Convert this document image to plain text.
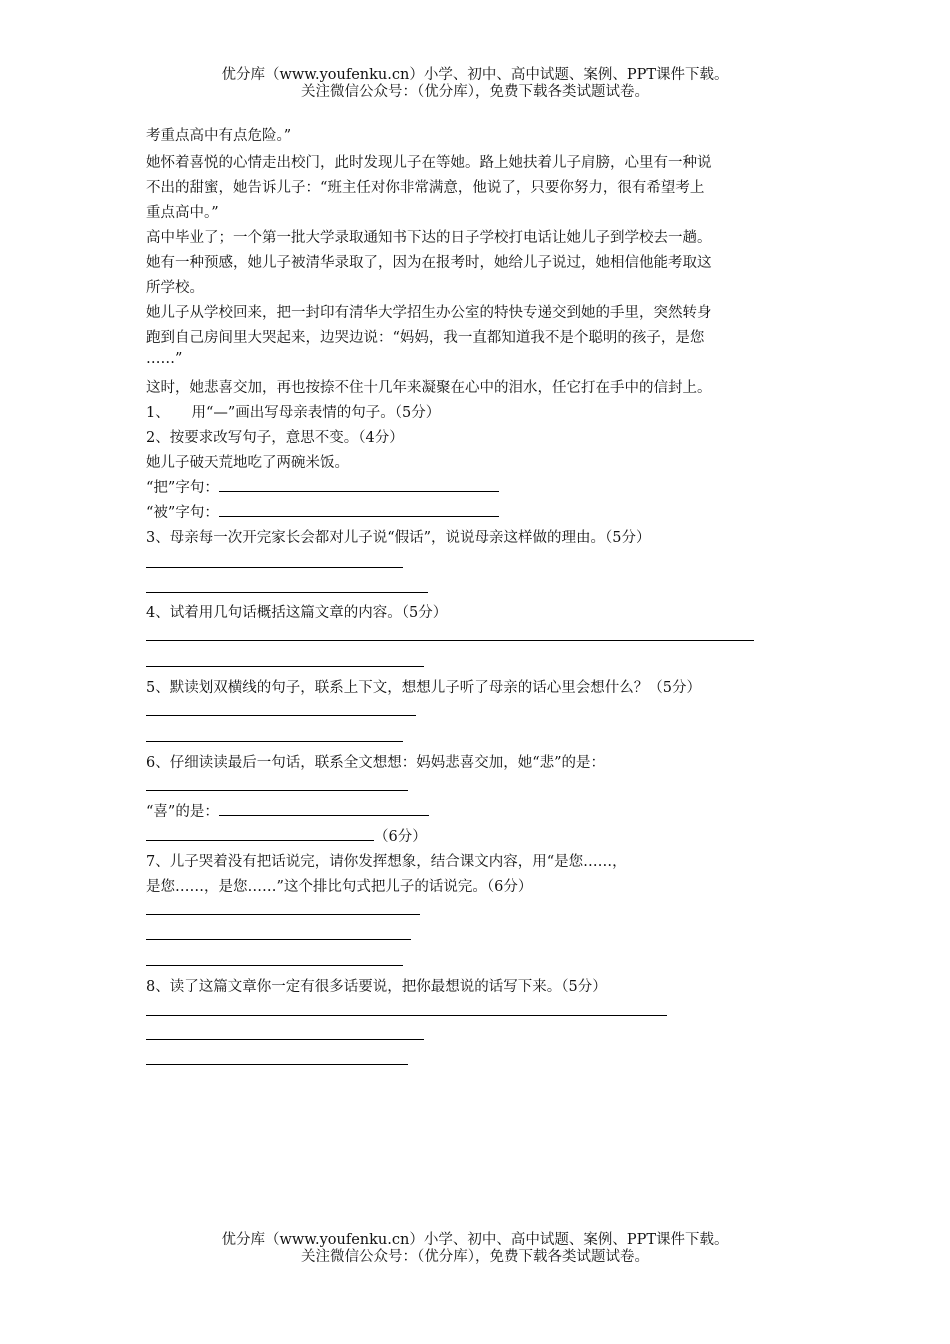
优分库（www.youfenku.cn）小学、初中、高中试题、案例、PPT课件下载。
关注微信公众号：（优分库），免费下载各类试题试卷。
考重点高中有点危险。”
她怀着喜悦的心情走出校门，此时发现儿子在等她。路上她扶着儿子肩膀，心里有一种说
不出的甜蜜，她告诉儿子：“班主任对你非常满意，他说了，只要你努力，很有希望考上
重点高中。”
高中毕业了；一个第一批大学录取通知书下达的日子学校打电话让她儿子到学校去一趟。
她有一种预感，她儿子被清华录取了，因为在报考时，她给儿子说过，她相信他能考取这
所学校。
她儿子从学校回来，把一封印有清华大学招生办公室的特快专递交到她的手里，突然转身
跑到自己房间里大哭起来，边哭边说：“妈妈，我一直都知道我不是个聪明的孩子，是您
……”
这时，她悲喜交加，再也按捺不住十几年来凝聚在心中的泪水，任它打在手中的信封上。
1、　　用“—”画出写母亲表情的句子。（5分）
2、按要求改写句子，意思不变。（4分）
她儿子破天荒地吃了两碗米饭。
“把”字句：
“被”字句：
3、母亲每一次开完家长会都对儿子说“假话”，说说母亲这样做的理由。（5分）
4、试着用几句话概括这篇文章的内容。（5分）
5、默读划双横线的句子，联系上下文，想想儿子听了母亲的话心里会想什么？（5分）
6、仔细读读最后一句话，联系全文想想：妈妈悲喜交加，她“悲”的是：
“喜”的是：
（6分）
7、儿子哭着没有把话说完，请你发挥想象，结合课文内容，用“是您……，
是您……，是您……”这个排比句式把儿子的话说完。（6分）
8、读了这篇文章你一定有很多话要说，把你最想说的话写下来。（5分）
优分库（www.youfenku.cn）小学、初中、高中试题、案例、PPT课件下载。
关注微信公众号：（优分库），免费下载各类试题试卷。
